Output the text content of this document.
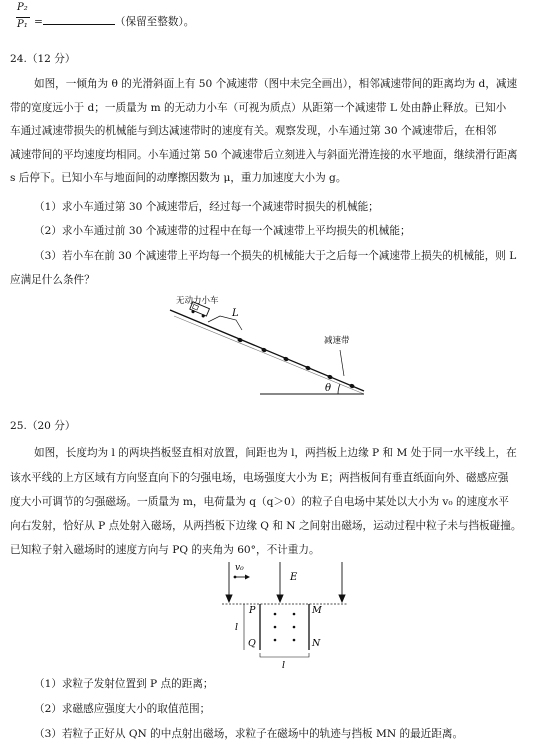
P₂
P₁ =	（保留至整数）。
24.（12 分）
如图，一倾角为 θ 的光滑斜面上有 50 个减速带（图中未完全画出），相邻减速带间的距离均为 d，减速
带的宽度远小于 d；一质量为 m 的无动力小车（可视为质点）从距第一个减速带 L 处由静止释放。已知小
车通过减速带损失的机械能与到达减速带时的速度有关。观察发现，小车通过第 30 个减速带后，在相邻
减速带间的平均速度均相同。小车通过第 50 个减速带后立刻进入与斜面光滑连接的水平地面，继续滑行距离
s 后停下。已知小车与地面间的动摩擦因数为 μ，重力加速度大小为 g。
（1）求小车通过第 30 个减速带后，经过每一个减速带时损失的机械能；
（2）求小车通过前 30 个减速带的过程中在每一个减速带上平均损失的机械能；
（3）若小车在前 30 个减速带上平均每一个损失的机械能大于之后每一个减速带上损失的机械能，则 L
应满足什么条件？
θ
无动力小车
L
减速带
25.（20 分）
如图，长度均为 l 的两块挡板竖直相对放置，间距也为 l，两挡板上边缘 P 和 M 处于同一水平线上，在
该水平线的上方区域有方向竖直向下的匀强电场，电场强度大小为 E；两挡板间有垂直纸面向外、磁感应强
度大小可调节的匀强磁场。一质量为 m，电荷量为 q（q＞0）的粒子自电场中某处以大小为 v₀ 的速度水平
向右发射，恰好从 P 点处射入磁场，从两挡板下边缘 Q 和 N 之间射出磁场，运动过程中粒子未与挡板碰撞。
已知粒子射入磁场时的速度方向与 PQ 的夹角为 60°，不计重力。
E
v₀
P	M
Q	N
l
l
（1）求粒子发射位置到 P 点的距离；
（2）求磁感应强度大小的取值范围；
（3）若粒子正好从 QN 的中点射出磁场，求粒子在磁场中的轨迹与挡板 MN 的最近距离。
